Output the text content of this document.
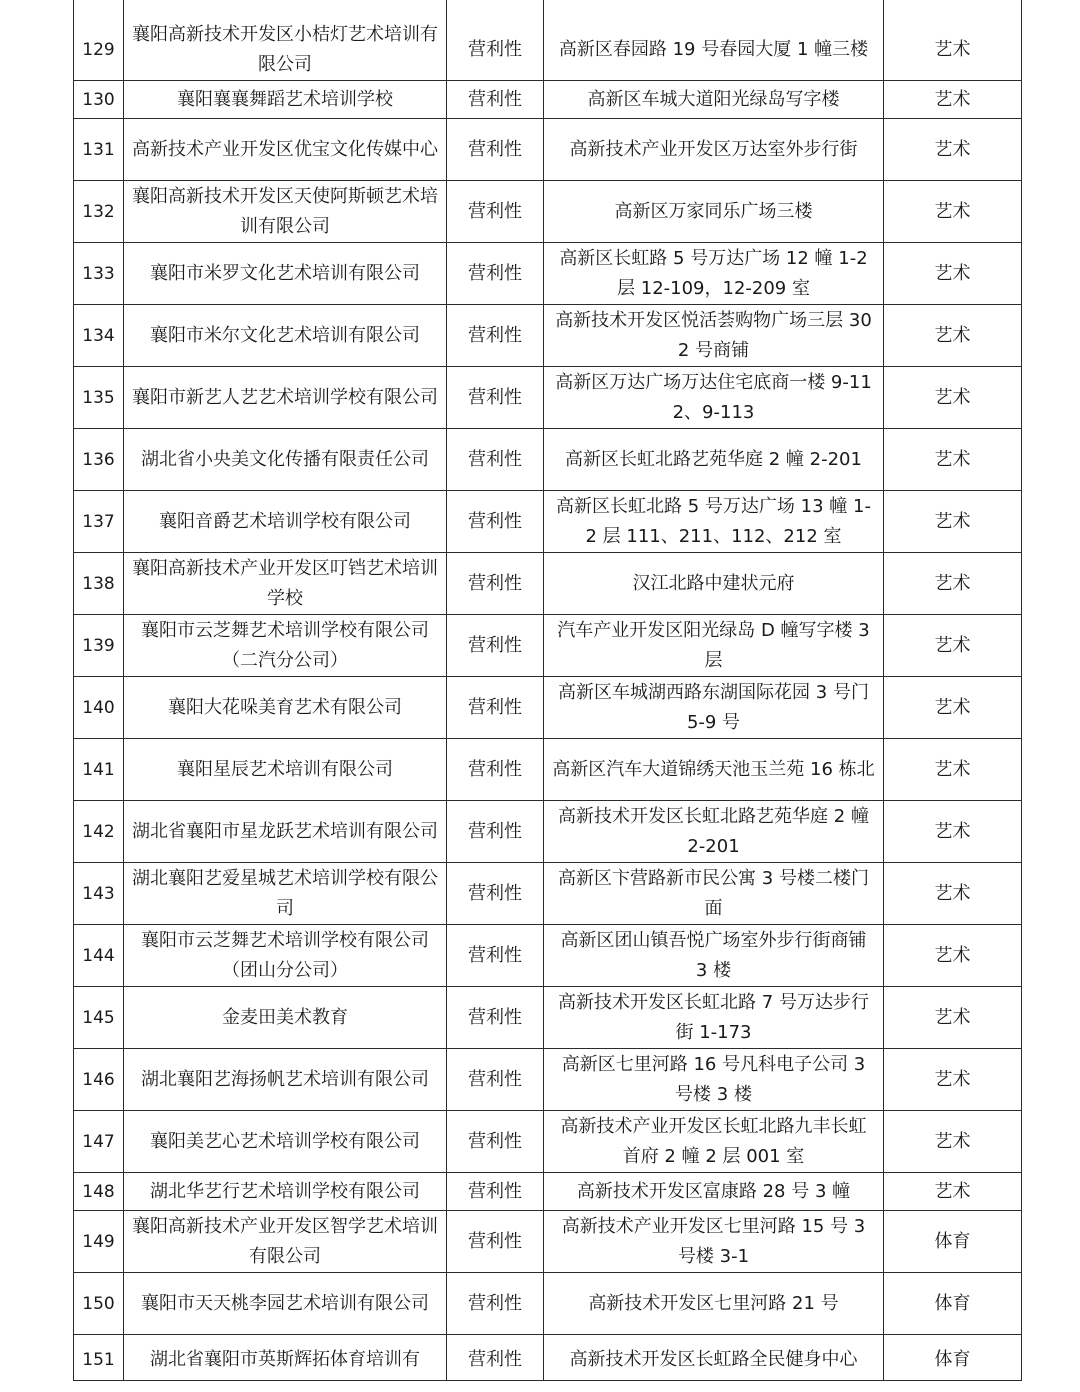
129	襄阳高新技术开发区小桔灯艺术培训有限公司	营利性	高新区春园路 19 号春园大厦 1 幢三楼	艺术
130	襄阳襄襄舞蹈艺术培训学校	营利性	高新区车城大道阳光绿岛写字楼	艺术
131	高新技术产业开发区优宝文化传媒中心	营利性	高新技术产业开发区万达室外步行街	艺术
132	襄阳高新技术开发区天使阿斯顿艺术培训有限公司	营利性	高新区万家同乐广场三楼	艺术
133	襄阳市米罗文化艺术培训有限公司	营利性	高新区长虹路 5 号万达广场 12 幢 1-2 层 12-109，12-209 室	艺术
134	襄阳市米尔文化艺术培训有限公司	营利性	高新技术开发区悦活荟购物广场三层 302 号商铺	艺术
135	襄阳市新艺人艺艺术培训学校有限公司	营利性	高新区万达广场万达住宅底商一楼 9-112、9-113	艺术
136	湖北省小央美文化传播有限责任公司	营利性	高新区长虹北路艺苑华庭 2 幢 2-201	艺术
137	襄阳音爵艺术培训学校有限公司	营利性	高新区长虹北路 5 号万达广场 13 幢 1-2 层 111、211、112、212 室	艺术
138	襄阳高新技术产业开发区叮铛艺术培训学校	营利性	汉江北路中建状元府	艺术
139	襄阳市云芝舞艺术培训学校有限公司（二汽分公司）	营利性	汽车产业开发区阳光绿岛 D 幢写字楼 3 层	艺术
140	襄阳大花哚美育艺术有限公司	营利性	高新区车城湖西路东湖国际花园 3 号门 5-9 号	艺术
141	襄阳星辰艺术培训有限公司	营利性	高新区汽车大道锦绣天池玉兰苑 16 栋北	艺术
142	湖北省襄阳市星龙跃艺术培训有限公司	营利性	高新技术开发区长虹北路艺苑华庭 2 幢 2-201	艺术
143	湖北襄阳艺爱星城艺术培训学校有限公司	营利性	高新区卞营路新市民公寓 3 号楼二楼门面	艺术
144	襄阳市云芝舞艺术培训学校有限公司（团山分公司）	营利性	高新区团山镇吾悦广场室外步行街商铺 3 楼	艺术
145	金麦田美术教育	营利性	高新技术开发区长虹北路 7 号万达步行街 1-173	艺术
146	湖北襄阳艺海扬帆艺术培训有限公司	营利性	高新区七里河路 16 号凡科电子公司 3 号楼 3 楼	艺术
147	襄阳美艺心艺术培训学校有限公司	营利性	高新技术产业开发区长虹北路九丰长虹首府 2 幢 2 层 001 室	艺术
148	湖北华艺行艺术培训学校有限公司	营利性	高新技术开发区富康路 28 号 3 幢	艺术
149	襄阳高新技术产业开发区智学艺术培训有限公司	营利性	高新技术产业开发区七里河路 15 号 3 号楼 3-1	体育
150	襄阳市天天桃李园艺术培训有限公司	营利性	高新技术开发区七里河路 21 号	体育
151	湖北省襄阳市英斯辉拓体育培训有	营利性	高新技术开发区长虹路全民健身中心	体育
